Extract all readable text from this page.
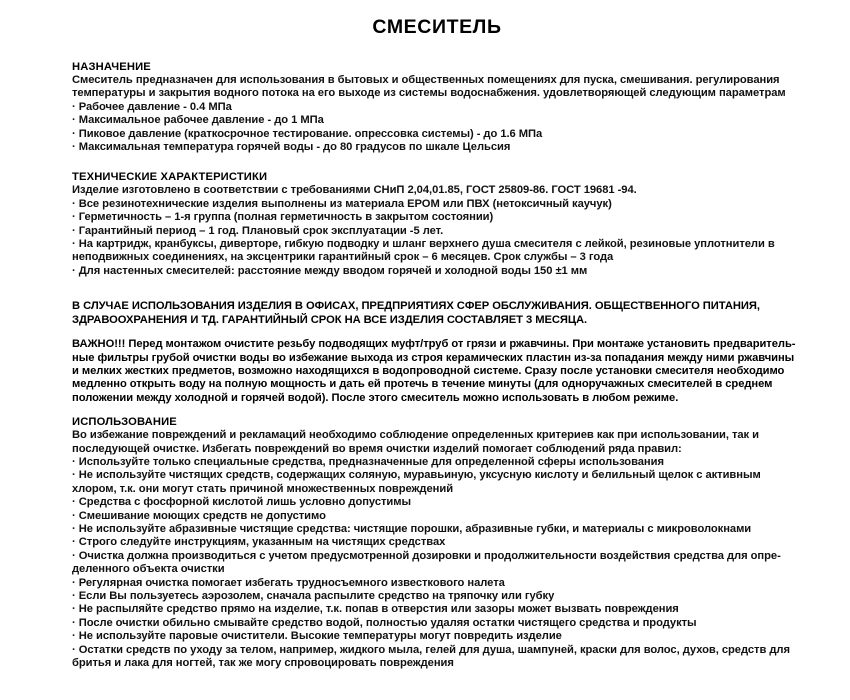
СМЕСИТЕЛЬ
НАЗНАЧЕНИЕ

Смеситель предназначен для использования в бытовых и общественных помещениях для пуска, смешивания. регулирования температуры и закрытия водного потока на его выходе из системы водоснабжения. удовлетворяющей следующим параметрам

· Рабочее давление - 0.4 МПа
· Максимальное рабочее давление - до 1 МПа
· Пиковое давление (краткосрочное тестирование. опрессовка системы) - до 1.6 МПа
· Максимальная температура горячей воды - до 80 градусов по шкале Цельсия
ТЕХНИЧЕСКИЕ ХАРАКТЕРИСТИКИ

Изделие изготовлено в соответствии с требованиями СНиП 2,04,01.85, ГОСТ 25809-86. ГОСТ 19681 -94.

· Все резинотехнические изделия выполнены из материала ЕРОМ или ПВХ (нетоксичный каучук)
· Герметичность – 1-я группа (полная герметичность в закрытом состоянии)
· Гарантийный период – 1 год. Плановый срок эксплуатации -5 лет.
· На картридж, кранбуксы, диверторе, гибкую подводку и шланг верхнего душа смесителя с лейкой, резиновые уплотнители в неподвижных соединениях, на эксцентрики гарантийный срок – 6 месяцев. Срок службы – 3 года
· Для настенных смесителей: расстояние между вводом горячей и холодной воды 150 ±1 мм

В СЛУЧАЕ ИСПОЛЬЗОВАНИЯ ИЗДЕЛИЯ В ОФИСАХ, ПРЕДПРИЯТИЯХ СФЕР ОБСЛУЖИВАНИЯ. ОБЩЕСТВЕННОГО ПИТАНИЯ, ЗДРАВООХРАНЕНИЯ И ТД. ГАРАНТИЙНЫЙ СРОК НА ВСЕ ИЗДЕЛИЯ СОСТАВЛЯЕТ 3 МЕСЯЦА.

ВАЖНО!!! Перед монтажом очистите резьбу подводящих муфт/труб от грязи и ржавчины. При монтаже установить предваритель-ные фильтры грубой очистки воды во избежание выхода из строя керамических пластин из-за попадания между ними ржавчины и мелких жестких предметов, возможно находящихся в водопроводной системе. Сразу после установки смесителя необходимо медленно открыть воду на полную мощность и дать ей протечь в течение минуты (для одноручажных смесителей в среднем положении между холодной и горячей водой). После этого смеситель можно использовать в любом режиме.

ИСПОЛЬЗОВАНИЕ

Во избежание повреждений и рекламаций необходимо соблюдение определенных критериев как при использовании, так и последующей очистке. Избегать повреждений во время очистки изделий помогает соблюдений ряда правил:

· Используйте только специальные средства, предназначенные для определенной сферы использования
· Не используйте чистящих средств, содержащих соляную, муравьиную, уксусную кислоту и белильный щелок с активным хлором, т.к. они могут стать причиной множественных повреждений
· Средства с фосфорной кислотой лишь условно допустимы
· Смешивание моющих средств не допустимо
· Не используйте абразивные чистящие средства: чистящие порошки, абразивные губки, и материалы с микроволокнами
· Строго следуйте инструкциям, указанным на чистящих средствах
· Очистка должна производиться с учетом предусмотренной дозировки и продолжительности воздействия средства для опре-деленного объекта очистки
· Регулярная очистка помогает избегать трудносъемного известкового налета
· Если Вы пользуетесь аэрозолем, сначала распылите средство на тряпочку или губку
· Не распыляйте средство прямо на изделие, т.к. попав в отверстия или зазоры может вызвать повреждения
· После очистки обильно смывайте средство водой, полностью удаляя остатки чистящего средства и продукты
· Не используйте паровые очистители. Высокие температуры могут повредить изделие
· Остатки средств по уходу за телом, например, жидкого мыла, гелей для душа, шампуней, краски для волос, духов, средств для бритья и лака для ногтей, так же могу спровоцировать повреждения
